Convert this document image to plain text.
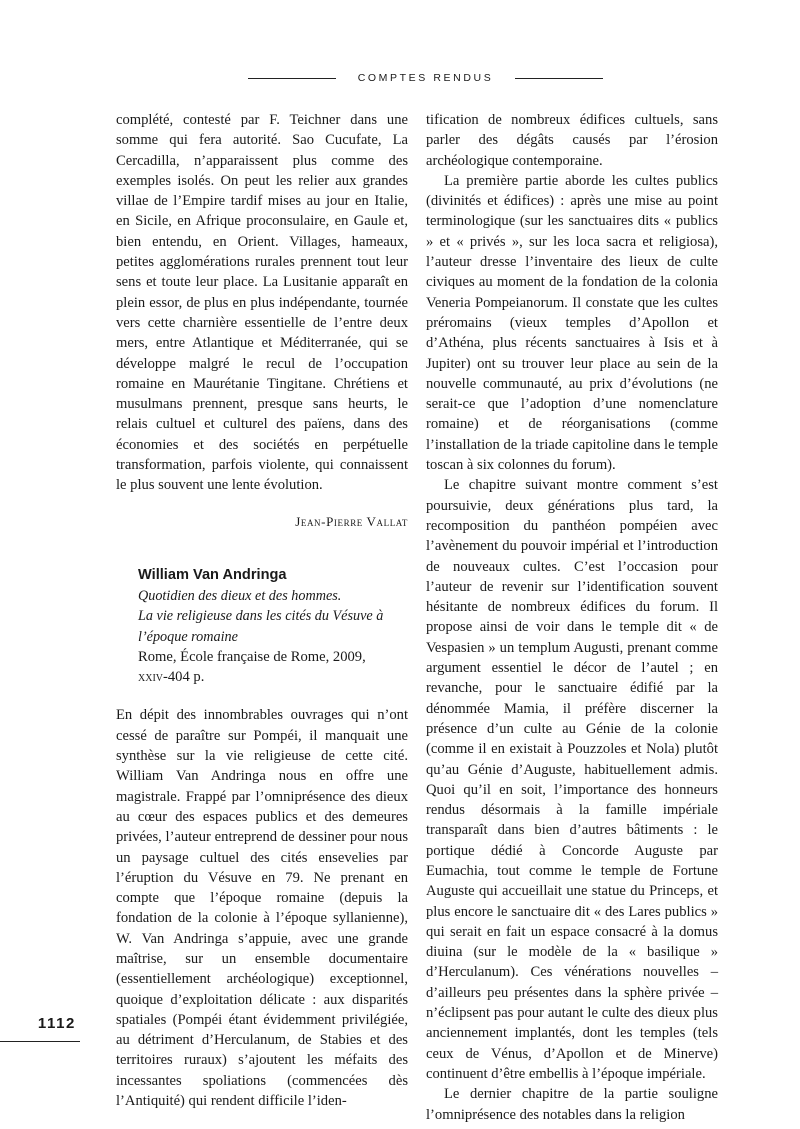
COMPTES RENDUS

complété, contesté par F. Teichner dans une somme qui fera autorité. Sao Cucufate, La Cercadilla, n’apparaissent plus comme des exemples isolés. On peut les relier aux grandes villae de l’Empire tardif mises au jour en Italie, en Sicile, en Afrique proconsulaire, en Gaule et, bien entendu, en Orient. Villages, hameaux, petites agglomérations rurales prennent tout leur sens et toute leur place. La Lusitanie apparaît en plein essor, de plus en plus indépendante, tournée vers cette charnière essentielle de l’entre deux mers, entre Atlantique et Méditerranée, qui se développe malgré le recul de l’occupation romaine en Maurétanie Tingitane. Chrétiens et musulmans prennent, presque sans heurts, le relais cultuel et culturel des païens, dans des économies et des sociétés en perpétuelle transformation, parfois violente, qui connaissent le plus souvent une lente évolution.

Jean-Pierre Vallat

William Van Andringa
Quotidien des dieux et des hommes.
La vie religieuse dans les cités du Vésuve à l’époque romaine
Rome, École française de Rome, 2009,
xxiv-404 p.

En dépit des innombrables ouvrages qui n’ont cessé de paraître sur Pompéi, il manquait une synthèse sur la vie religieuse de cette cité. William Van Andringa nous en offre une magistrale. Frappé par l’omniprésence des dieux au cœur des espaces publics et des demeures privées, l’auteur entreprend de dessiner pour nous un paysage cultuel des cités ensevelies par l’éruption du Vésuve en 79. Ne prenant en compte que l’époque romaine (depuis la fondation de la colonie à l’époque syllanienne), W. Van Andringa s’appuie, avec une grande maîtrise, sur un ensemble documentaire (essentiellement archéologique) exceptionnel, quoique d’exploitation délicate : aux disparités spatiales (Pompéi étant évidemment privilégiée, au détriment d’Herculanum, de Stabies et des territoires ruraux) s’ajoutent les méfaits des incessantes spoliations (commencées dès l’Antiquité) qui rendent difficile l’iden-

tification de nombreux édifices cultuels, sans parler des dégâts causés par l’érosion archéologique contemporaine.

La première partie aborde les cultes publics (divinités et édifices) : après une mise au point terminologique (sur les sanctuaires dits « publics » et « privés », sur les loca sacra et religiosa), l’auteur dresse l’inventaire des lieux de culte civiques au moment de la fondation de la colonia Veneria Pompeianorum. Il constate que les cultes préromains (vieux temples d’Apollon et d’Athéna, plus récents sanctuaires à Isis et à Jupiter) ont su trouver leur place au sein de la nouvelle communauté, au prix d’évolutions (ne serait-ce que l’adoption d’une nomenclature romaine) et de réorganisations (comme l’installation de la triade capitoline dans le temple toscan à six colonnes du forum).

Le chapitre suivant montre comment s’est poursuivie, deux générations plus tard, la recomposition du panthéon pompéien avec l’avènement du pouvoir impérial et l’introduction de nouveaux cultes. C’est l’occasion pour l’auteur de revenir sur l’identification souvent hésitante de nombreux édifices du forum. Il propose ainsi de voir dans le temple dit « de Vespasien » un templum Augusti, prenant comme argument essentiel le décor de l’autel ; en revanche, pour le sanctuaire édifié par la dénommée Mamia, il préfère discerner la présence d’un culte au Génie de la colonie (comme il en existait à Pouzzoles et Nola) plutôt qu’au Génie d’Auguste, habituellement admis. Quoi qu’il en soit, l’importance des honneurs rendus désormais à la famille impériale transparaît dans bien d’autres bâtiments : le portique dédié à Concorde Auguste par Eumachia, tout comme le temple de Fortune Auguste qui accueillait une statue du Princeps, et plus encore le sanctuaire dit « des Lares publics » qui serait en fait un espace consacré à la domus diuina (sur le modèle de la « basilique » d’Herculanum). Ces vénérations nouvelles – d’ailleurs peu présentes dans la sphère privée – n’éclipsent pas pour autant le culte des dieux plus anciennement implantés, dont les temples (tels ceux de Vénus, d’Apollon et de Minerve) continuent d’être embellis à l’époque impériale.

Le dernier chapitre de la partie souligne l’omniprésence des notables dans la religion

1112
